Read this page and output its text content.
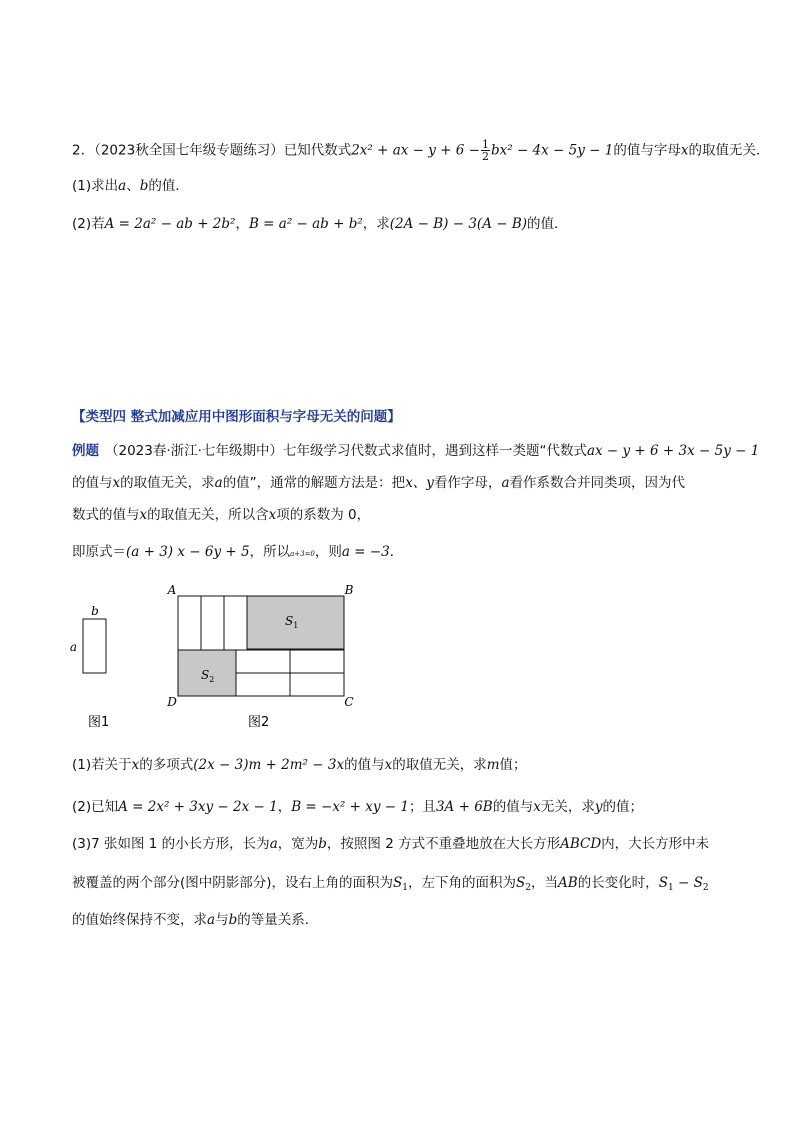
2．（2023秋全国七年级专题练习）已知代数式2x² + ax − $y + 6 - \frac{1}{2} bx^2 - 4x - 5y - 1$的值与字母x的取值无关．
(1)求出a、b的值．
(2)若A = 2a² − ab + 2b²，B = a² − ab + b²，求(2A − B) − 3(A − B)的值．
【类型四 整式加减应用中图形面积与字母无关的问题】
例题 （2023春·浙江·七年级期中）七年级学习代数式求值时，遇到这样一类题“代数式ax − y + 6 + 3x − 5y − 1
的值与x的取值无关，求a的值”，通常的解题方法是：把x、y看作字母，a看作系数合并同类项，因为代
数式的值与x的取值无关，所以含x项的系数为 0，
即原式＝(a + 3) x − 6y + 5，所以a+3=0，则a = −3．
b
a
图1
A	B
C
D
$S_1$
$S_2$
图2
(1)若关于x的多项式(2x − 3)m + 2m² − 3x的值与x的取值无关，求m值；
(2)已知A = 2x² + 3xy − 2x − 1，B = −x² + xy − 1；且3A + 6B的值与x无关，求y的值；
(3)7 张如图 1 的小长方形，长为a，宽为b，按照图 2 方式不重叠地放在大长方形ABCD内，大长方形中未
被覆盖的两个部分(图中阴影部分)，设右上角的面积为$S_1$，左下角的面积为$S_2$，当AB的长变化时，$S_1 - S_2$
的值始终保持不变，求a与b的等量关系．
